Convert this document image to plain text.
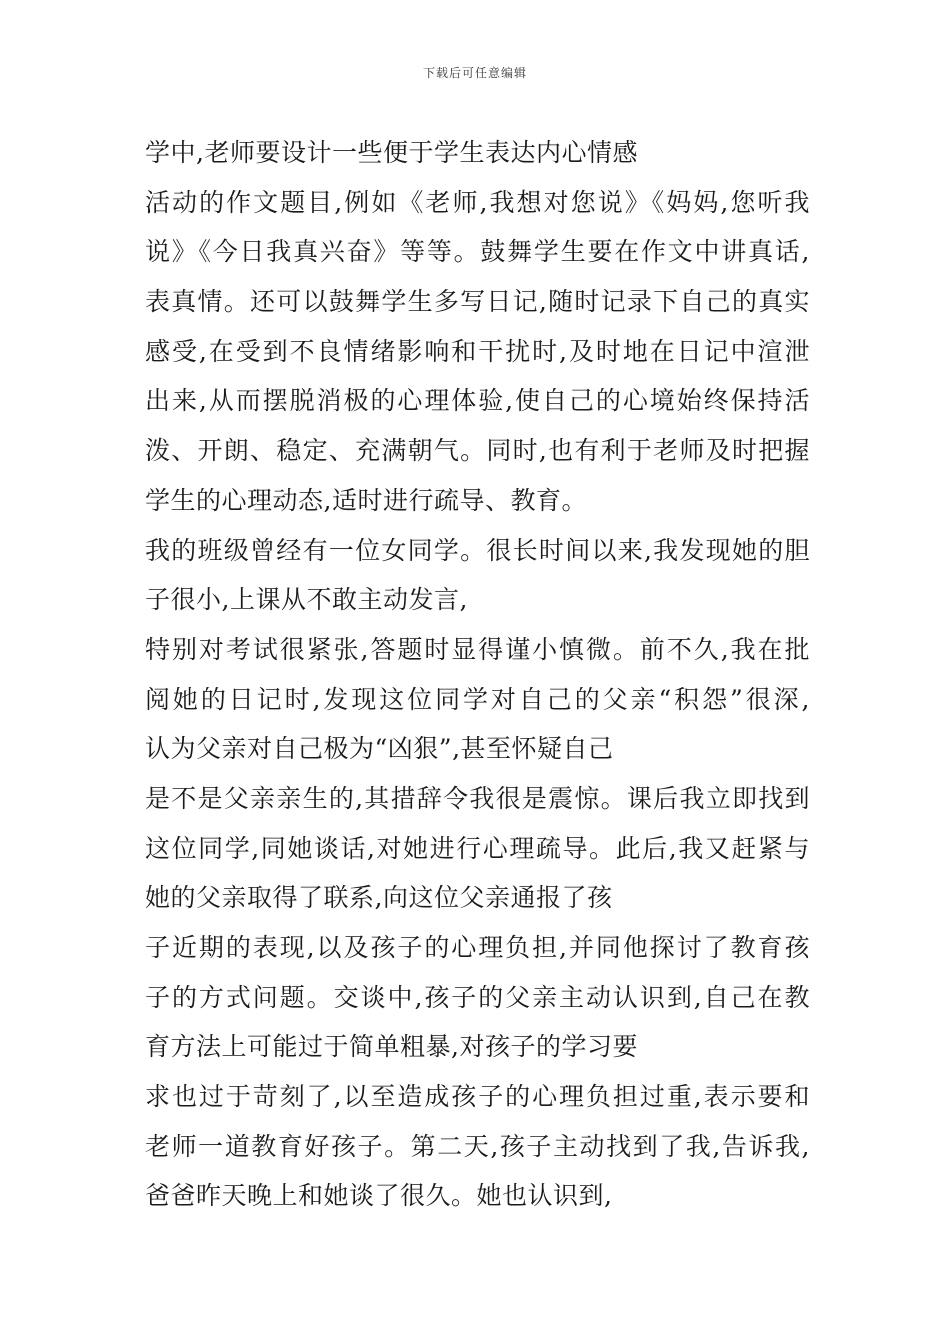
下载后可任意编辑
学中,老师要设计一些便于学生表达内心情感
活动的作文题目,例如《老师,我想对您说》《妈妈,您听我
说》《今日我真兴奋》等等。鼓舞学生要在作文中讲真话,
表真情。还可以鼓舞学生多写日记,随时记录下自己的真实
感受,在受到不良情绪影响和干扰时,及时地在日记中渲泄
出来,从而摆脱消极的心理体验,使自己的心境始终保持活
泼、开朗、稳定、充满朝气。同时,也有利于老师及时把握
学生的心理动态,适时进行疏导、教育。
我的班级曾经有一位女同学。很长时间以来,我发现她的胆
子很小,上课从不敢主动发言,
特别对考试很紧张,答题时显得谨小慎微。前不久,我在批
阅她的日记时,发现这位同学对自己的父亲“积怨”很深,
认为父亲对自己极为“凶狠”,甚至怀疑自己
是不是父亲亲生的,其措辞令我很是震惊。课后我立即找到
这位同学,同她谈话,对她进行心理疏导。此后,我又赶紧与
她的父亲取得了联系,向这位父亲通报了孩
子近期的表现,以及孩子的心理负担,并同他探讨了教育孩
子的方式问题。交谈中,孩子的父亲主动认识到,自己在教
育方法上可能过于简单粗暴,对孩子的学习要
求也过于苛刻了,以至造成孩子的心理负担过重,表示要和
老师一道教育好孩子。第二天,孩子主动找到了我,告诉我,
爸爸昨天晚上和她谈了很久。她也认识到,
